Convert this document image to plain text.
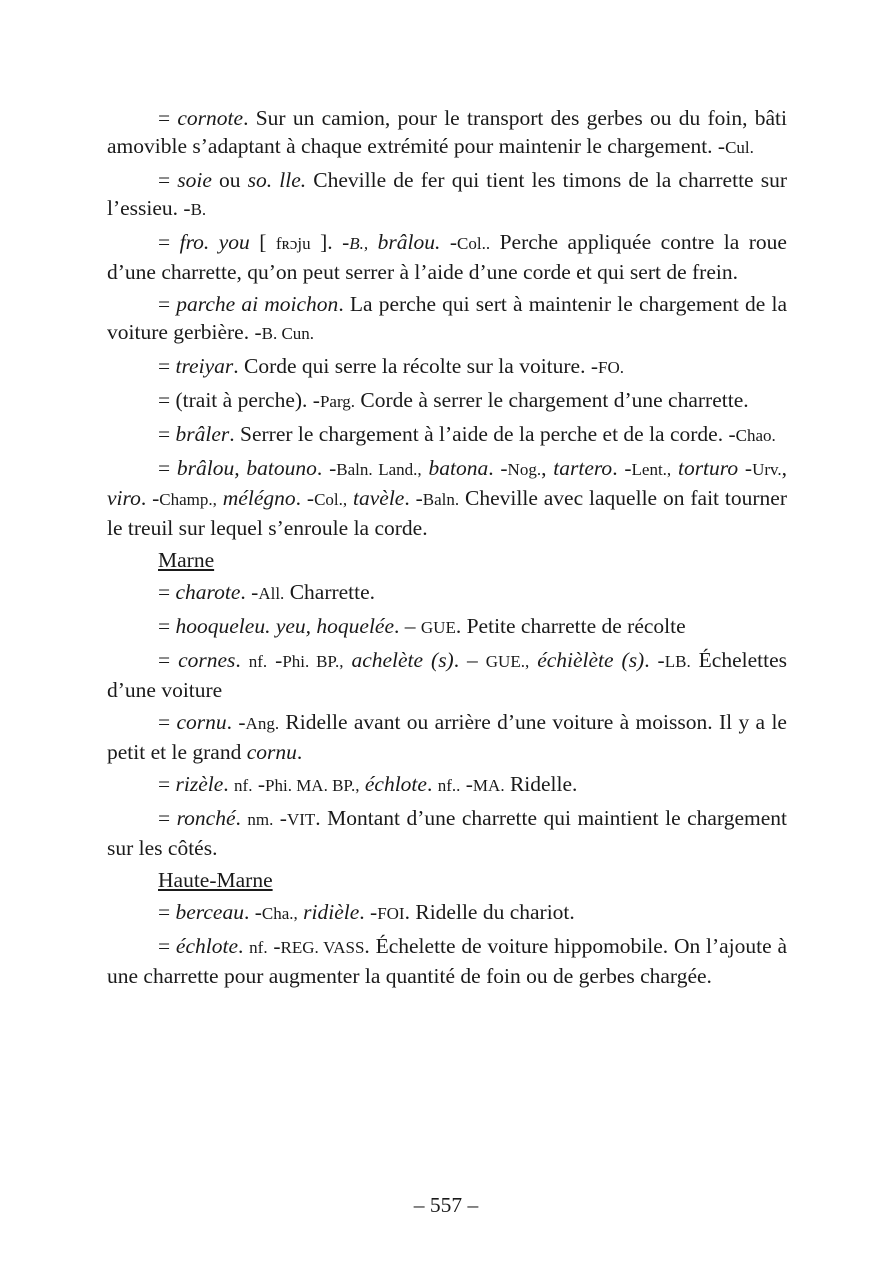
= cornote. Sur un camion, pour le transport des gerbes ou du foin, bâti amovible s’adaptant à chaque extrémité pour maintenir le chargement. -Cul.

= soie ou so. lle. Cheville de fer qui tient les timons de la charrette sur l’essieu. -B.

= fro. you [ fʀɔju ]. -B., brâlou. -Col.. Perche appliquée contre la roue d’une charrette, qu’on peut serrer à l’aide d’une corde et qui sert de frein.

= parche ai moichon. La perche qui sert à maintenir le chargement de la voiture gerbière. -B. Cun.

= treiyar. Corde qui serre la récolte sur la voiture. -FO.

= (trait à perche). -Parg. Corde à serrer le chargement d’une charrette.

= brâler. Serrer le chargement à l’aide de la perche et de la corde. -Chao.

= brâlou, batouno. -Baln. Land., batona. -Nog., tartero. -Lent., torturo -Urv., viro. -Champ., mélégno. -Col., tavèle. -Baln. Cheville avec laquelle on fait tourner le treuil sur lequel s’enroule la corde.

Marne

= charote. -All. Charrette.

= hooqueleu. yeu, hoquelée. – GUE. Petite charrette de récolte

= cornes. nf. -Phi. BP., achelète (s). – GUE., échièlète (s). -LB. Échelettes d’une voiture

= cornu. -Ang. Ridelle avant ou arrière d’une voiture à moisson. Il y a le petit et le grand cornu.

= rizèle. nf. -Phi. MA. BP., échlote. nf.. -MA. Ridelle.

= ronché. nm. -VIT. Montant d’une charrette qui maintient le chargement sur les côtés.

Haute-Marne

= berceau. -Cha., ridièle. -FOI. Ridelle du chariot.

= échlote. nf. -REG. VASS. Échelette de voiture hippomobile. On l’ajoute à une charrette pour augmenter la quantité de foin ou de gerbes chargée.

– 557 –
